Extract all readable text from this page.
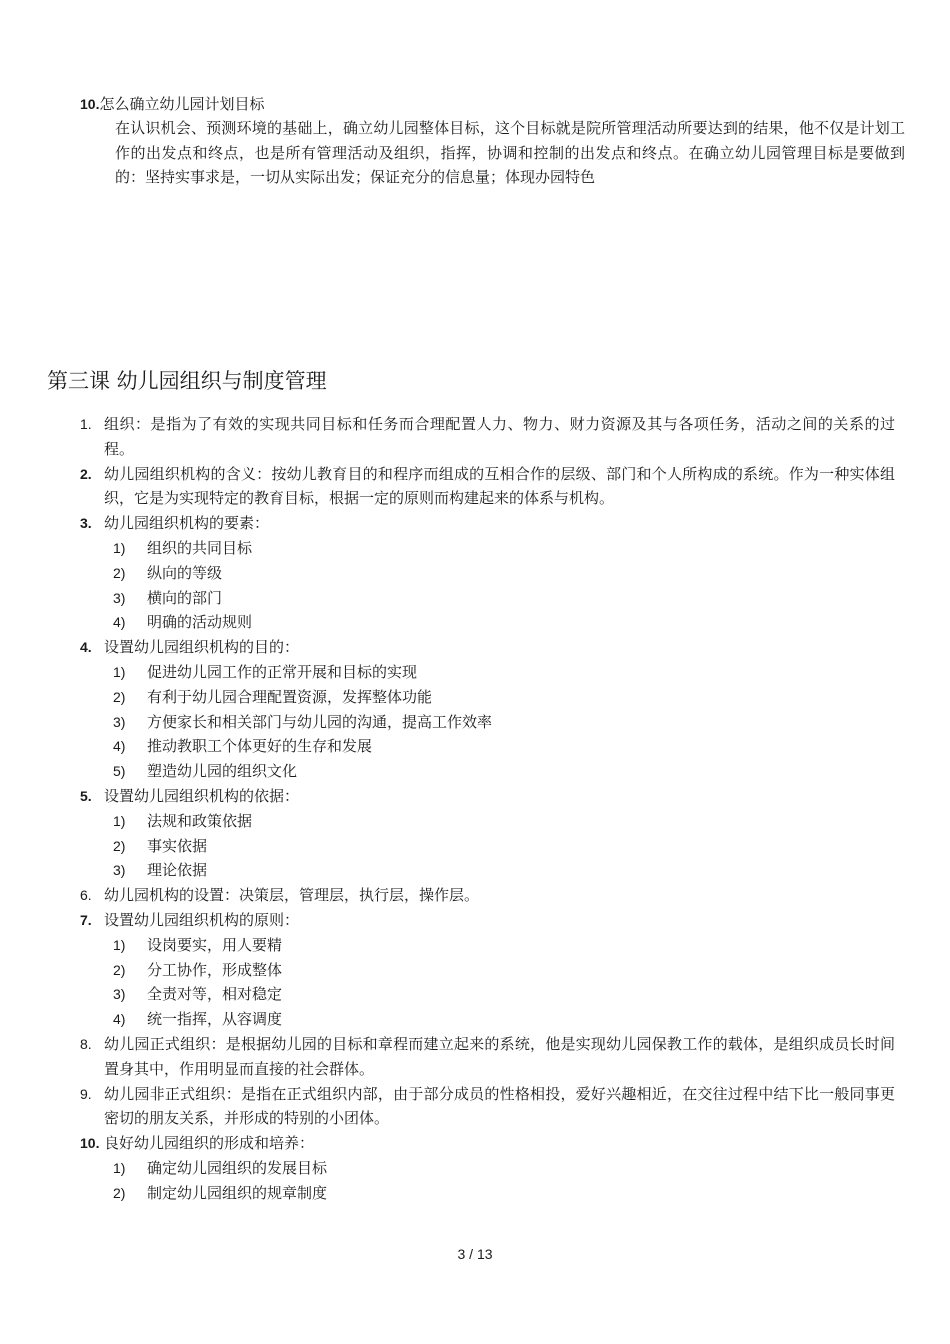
10. 怎么确立幼儿园计划目标
在认识机会、预测环境的基础上，确立幼儿园整体目标，这个目标就是院所管理活动所要达到的结果，他不仅是计划工作的出发点和终点，也是所有管理活动及组织，指挥，协调和控制的出发点和终点。在确立幼儿园管理目标是要做到的：坚持实事求是，一切从实际出发；保证充分的信息量；体现办园特色
第三课 幼儿园组织与制度管理
1. 组织：是指为了有效的实现共同目标和任务而合理配置人力、物力、财力资源及其与各项任务，活动之间的关系的过程。
2. 幼儿园组织机构的含义：按幼儿教育目的和程序而组成的互相合作的层级、部门和个人所构成的系统。作为一种实体组织，它是为实现特定的教育目标，根据一定的原则而构建起来的体系与机构。
3. 幼儿园组织机构的要素：
1)	组织的共同目标
2)	纵向的等级
3)	横向的部门
4)	明确的活动规则
4. 设置幼儿园组织机构的目的：
1)	促进幼儿园工作的正常开展和目标的实现
2)	有利于幼儿园合理配置资源，发挥整体功能
3)	方便家长和相关部门与幼儿园的沟通，提高工作效率
4)	推动教职工个体更好的生存和发展
5)	塑造幼儿园的组织文化
5. 设置幼儿园组织机构的依据：
1)	法规和政策依据
2)	事实依据
3)	理论依据
6. 幼儿园机构的设置：决策层，管理层，执行层，操作层。
7. 设置幼儿园组织机构的原则：
1)	设岗要实，用人要精
2)	分工协作，形成整体
3)	全责对等，相对稳定
4)	统一指挥，从容调度
8. 幼儿园正式组织：是根据幼儿园的目标和章程而建立起来的系统，他是实现幼儿园保教工作的载体，是组织成员长时间置身其中，作用明显而直接的社会群体。
9. 幼儿园非正式组织：是指在正式组织内部，由于部分成员的性格相投，爱好兴趣相近，在交往过程中结下比一般同事更密切的朋友关系，并形成的特别的小团体。
10. 良好幼儿园组织的形成和培养：
1)	确定幼儿园组织的发展目标
2)	制定幼儿园组织的规章制度
3 / 13
